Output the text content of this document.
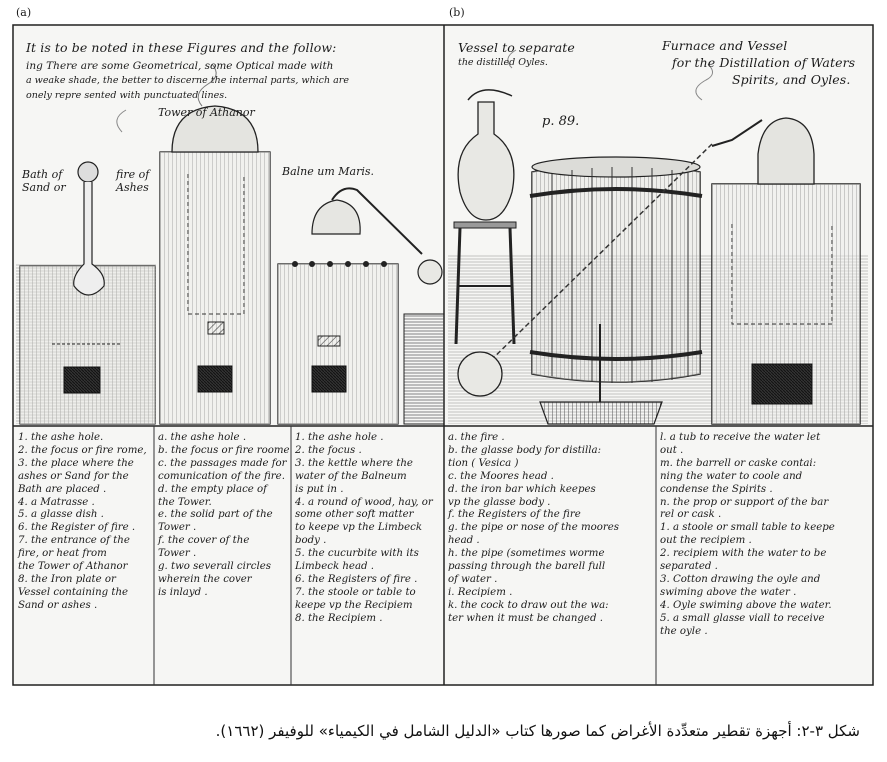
(a)	(b)
It is to be noted in these Figures and the follow:
ing There are some Geometrical, some Optical made with
a weake shade, the better to discerne the internal parts, which are
onely repre sented with punctuated lines.
Tower of Athanor
Bath of
Sand or
fire of
Ashes
Balne um Maris.
Vessel to separate
the distilled Oyles.
p. 89.
Furnace and Vessel
for the Distillation of Waters
Spirits, and Oyles.
1. the ashe hole.
2. the focus or fire rome,
3. the place where the
ashes or Sand for the
Bath are placed .
4. a Matrasse .
5. a glasse dish .
6. the Register of fire .
7. the entrance of the
fire, or heat from
the Tower of Athanor
8. the Iron plate or
Vessel containing the
Sand or ashes .
a. the ashe hole .
b. the focus or fire roome
c. the passages made for
comunication of the fire.
d. the empty place of
the Tower.
e. the solid part of the
Tower .
f. the cover of the
Tower .
g. two severall circles
wherein the cover
is inlayd .
1. the ashe hole .
2. the focus .
3. the kettle where the
water of the Balneum
is put in .
4. a round of wood, hay, or
some other soft matter
to keepe vp the Limbeck
body .
5. the cucurbite with its
Limbeck head .
6. the Registers of fire .
7. the stoole or table to
keepe vp the Recipiem
8. the Recipiem .
a. the fire .
b. the glasse body for distilla:
tion ( Vesica )
c. the Moores head .
d. the iron bar which keepes
vp the glasse body .
f. the Registers of the fire
g. the pipe or nose of the moores
head .
h. the pipe (sometimes worme
passing through the barell full
of water .
i. Recipiem .
k. the cock to draw out the wa:
ter when it must be changed .
l. a tub to receive the water let
out .
m. the barrell or caske contai:
ning the water to coole and
condense the Spirits .
n. the prop or support of the bar
rel or cask .
1. a stoole or small table to keepe
out the recipiem .
2. recipiem with the water to be
separated .
3. Cotton drawing the oyle and
swiming above the water .
4. Oyle swiming above the water.
5. a small glasse viall to receive
the oyle .
شكل ٣-٢: أجهزة تقطير متعدِّدة الأغراض كما صورها كتاب «الدليل الشامل في الكيمياء» للوفيفر (١٦٦٢).
